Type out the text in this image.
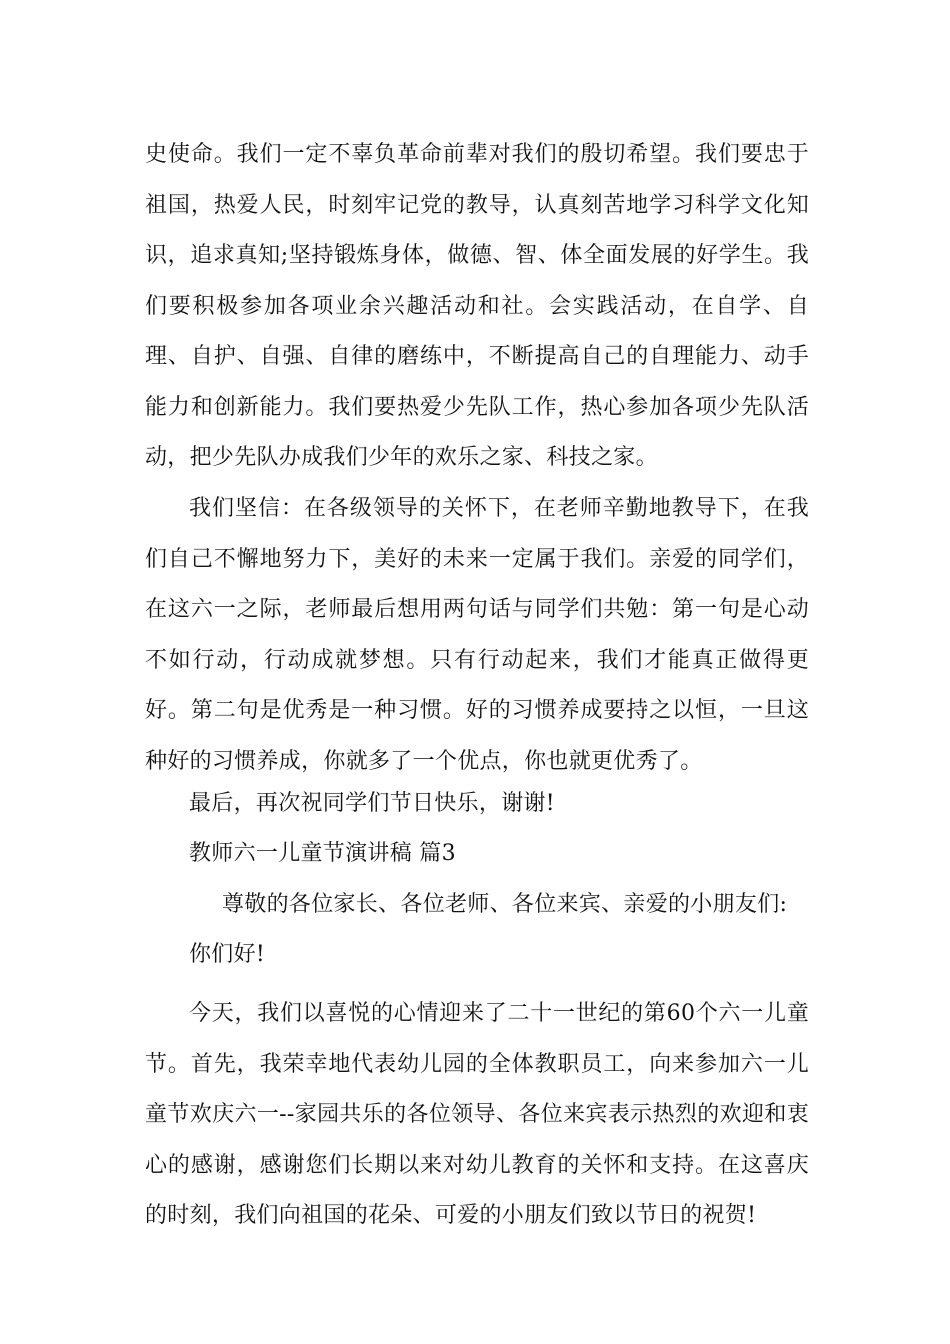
史使命。我们一定不辜负革命前辈对我们的殷切希望。我们要忠于祖国，热爱人民，时刻牢记党的教导，认真刻苦地学习科学文化知识，追求真知;坚持锻炼身体，做德、智、体全面发展的好学生。我们要积极参加各项业余兴趣活动和社。会实践活动，在自学、自理、自护、自强、自律的磨练中，不断提高自己的自理能力、动手能力和创新能力。我们要热爱少先队工作，热心参加各项少先队活动，把少先队办成我们少年的欢乐之家、科技之家。

我们坚信：在各级领导的关怀下，在老师辛勤地教导下，在我们自己不懈地努力下，美好的未来一定属于我们。亲爱的同学们，在这六一之际，老师最后想用两句话与同学们共勉：第一句是心动不如行动，行动成就梦想。只有行动起来，我们才能真正做得更好。第二句是优秀是一种习惯。好的习惯养成要持之以恒，一旦这种好的习惯养成，你就多了一个优点，你也就更优秀了。

最后，再次祝同学们节日快乐，谢谢!

教师六一儿童节演讲稿 篇3

尊敬的各位家长、各位老师、各位来宾、亲爱的小朋友们:

你们好!

今天，我们以喜悦的心情迎来了二十一世纪的第60个六一儿童节。首先，我荣幸地代表幼儿园的全体教职员工，向来参加六一儿童节欢庆六一--家园共乐的各位领导、各位来宾表示热烈的欢迎和衷心的感谢，感谢您们长期以来对幼儿教育的关怀和支持。在这喜庆的时刻，我们向祖国的花朵、可爱的小朋友们致以节日的祝贺!
